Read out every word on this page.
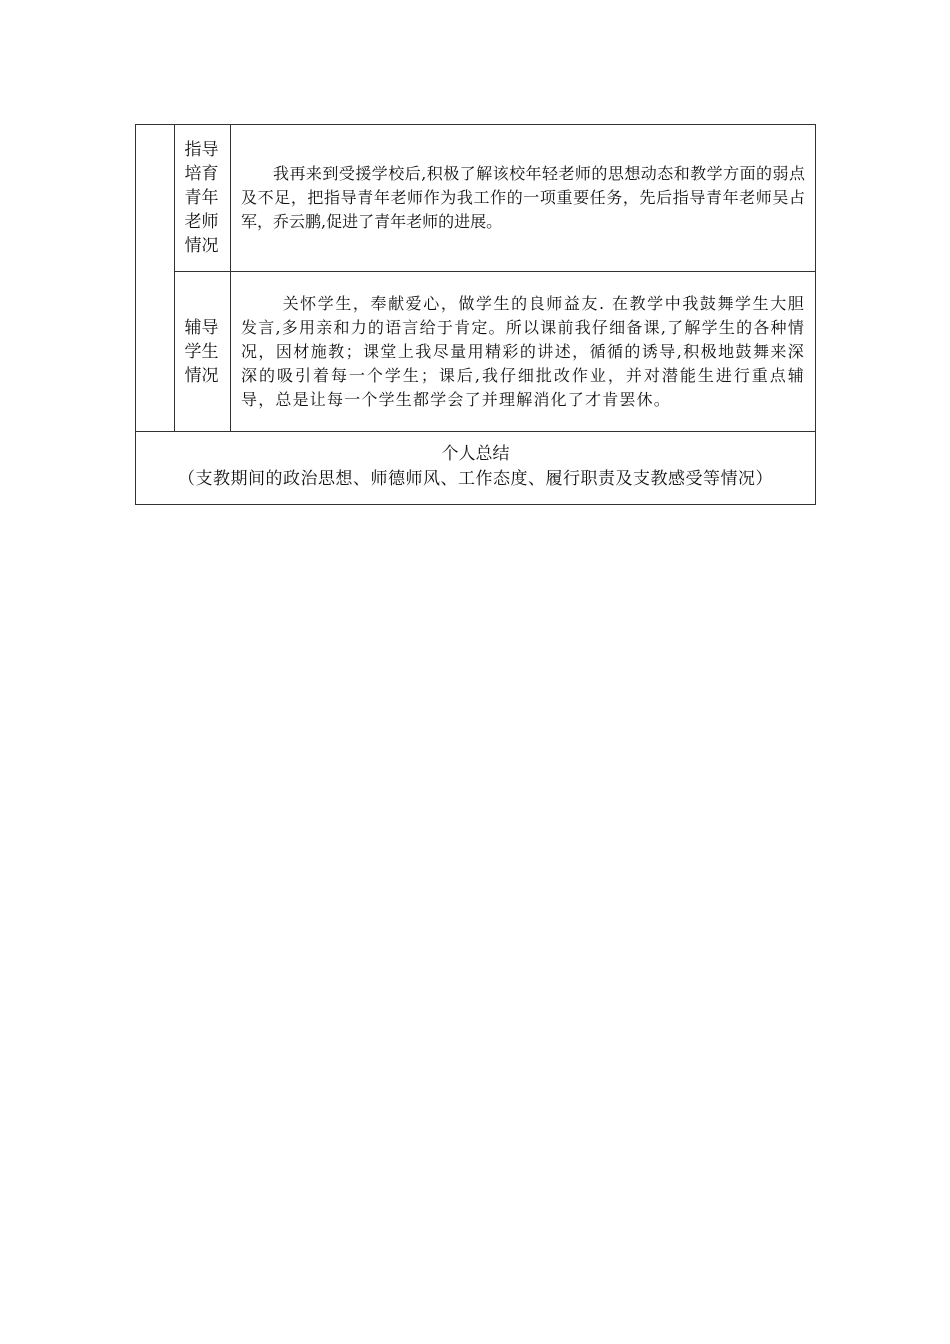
	指导培育青年老师情况	我再来到受援学校后,积极了解该校年轻老师的思想动态和教学方面的弱点及不足，把指导青年老师作为我工作的一项重要任务，先后指导青年老师吴占军，乔云鹏,促进了青年老师的进展。

	辅导学生情况	关怀学生，奉献爱心，做学生的良师益友. 在教学中我鼓舞学生大胆发言,多用亲和力的语言给于肯定。所以课前我仔细备课,了解学生的各种情况，因材施教；课堂上我尽量用精彩的讲述，循循的诱导,积极地鼓舞来深深的吸引着每一个学生；课后,我仔细批改作业，并对潜能生进行重点辅导，总是让每一个学生都学会了并理解消化了才肯罢休。

个人总结
（支教期间的政治思想、师德师风、工作态度、履行职责及支教感受等情况）		
